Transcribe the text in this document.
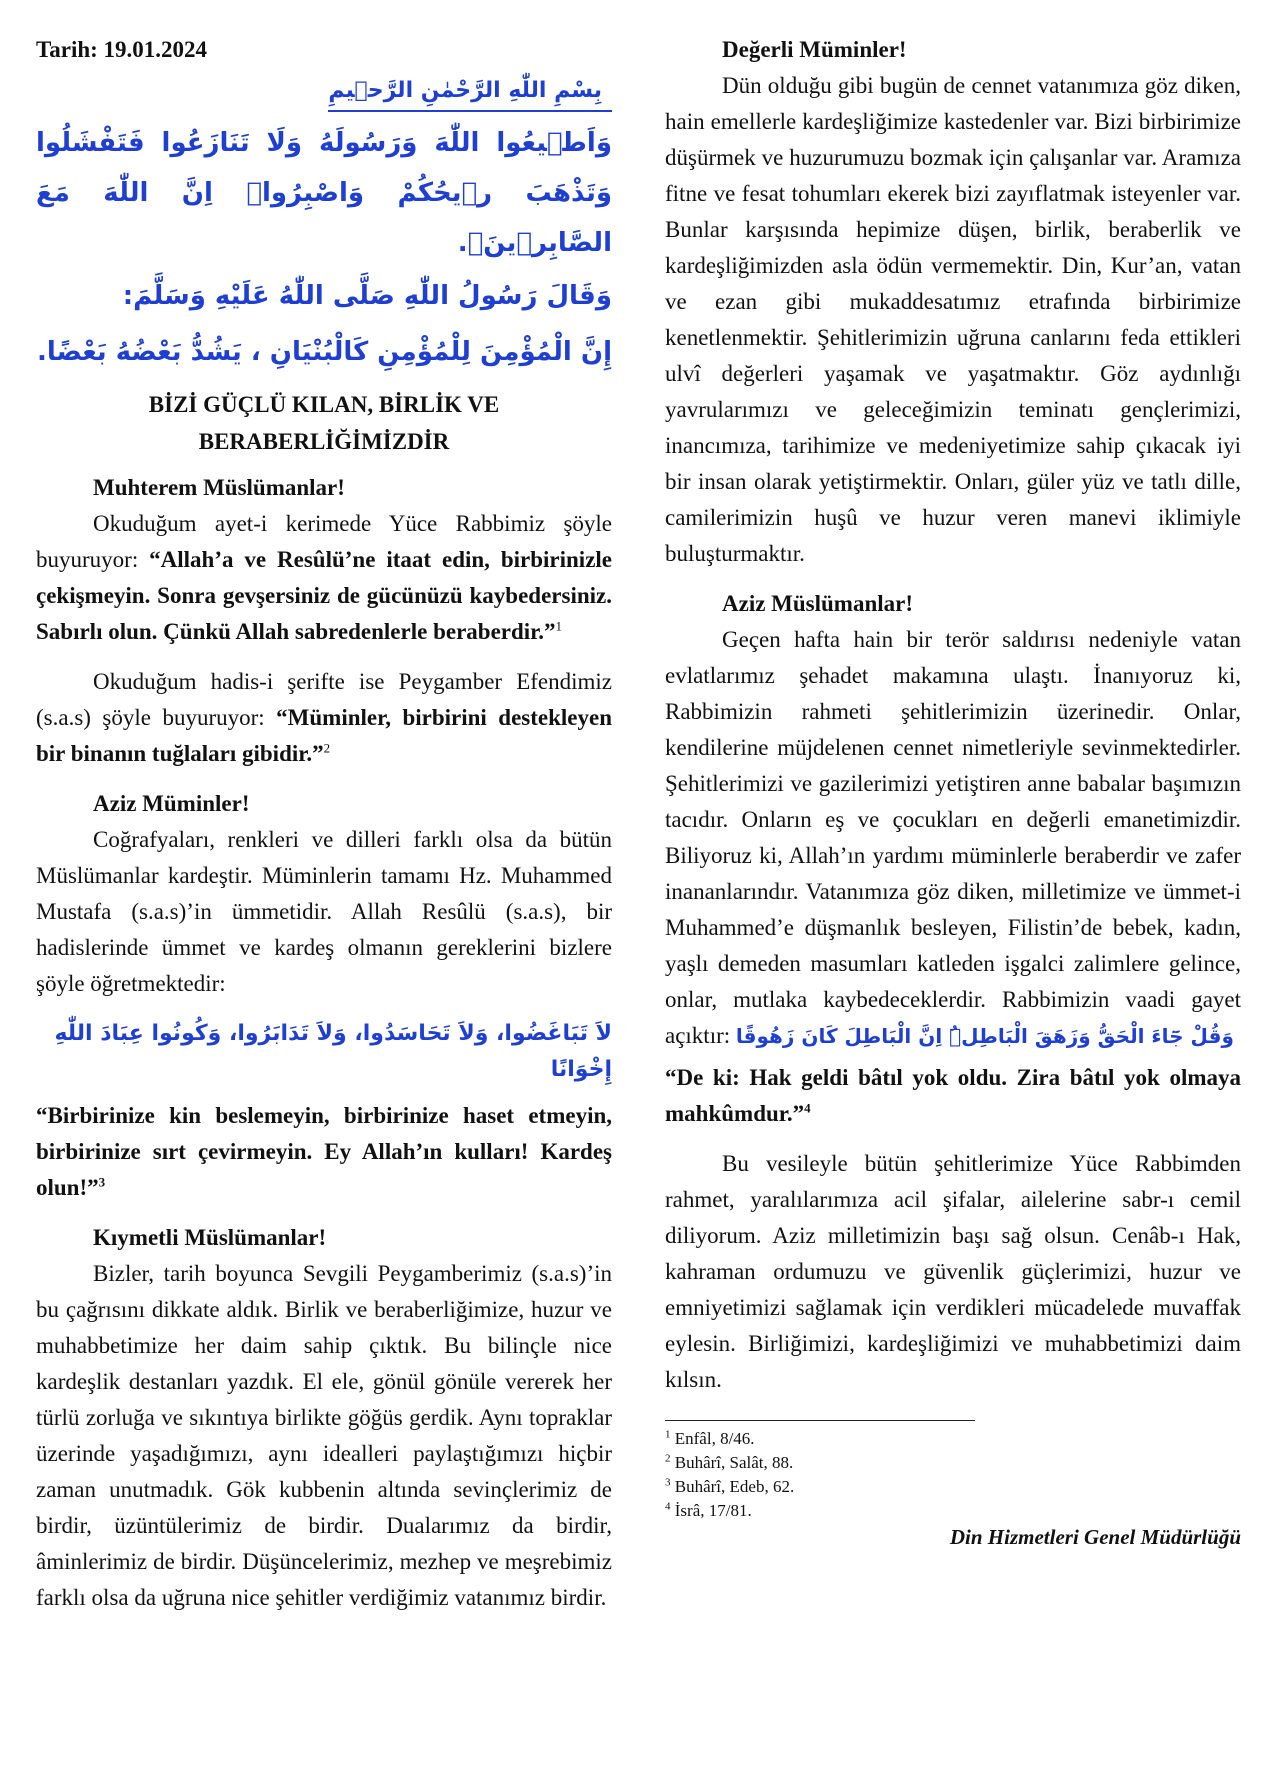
Tarih: 19.01.2024

بِسْمِ اللّٰهِ الرَّحْمٰنِ الرَّح۪يمِ

وَاَط۪يعُوا اللّٰهَ وَرَسُولَهُ وَلَا تَنَازَعُوا فَتَفْشَلُوا وَتَذْهَبَ ر۪يحُكُمْ وَاصْبِرُواۜ اِنَّ اللّٰهَ مَعَ الصَّابِر۪ينَۚ.

وَقَالَ رَسُولُ اللّٰهِ صَلَّى اللّٰهُ عَلَيْهِ وَسَلَّمَ:

إِنَّ الْمُؤْمِنَ لِلْمُؤْمِنِ كَالْبُنْيَانِ ، يَشُدُّ بَعْضُهُ بَعْضًا.

BİZİ GÜÇLÜ KILAN, BİRLİK VE
BERABERLİĞİMİZDİR

Muhterem Müslümanlar!

Okuduğum ayet-i kerimede Yüce Rabbimiz şöyle buyuruyor: “Allah’a ve Resûlü’ne itaat edin, birbirinizle çekişmeyin. Sonra gevşersiniz de gücünüzü kaybedersiniz. Sabırlı olun. Çünkü Allah sabredenlerle beraberdir.”$^1$

Okuduğum hadis-i şerifte ise Peygamber Efendimiz (s.a.s) şöyle buyuruyor: “Müminler, birbirini destekleyen bir binanın tuğlaları gibidir.”$^2$

Aziz Müminler!

Coğrafyaları, renkleri ve dilleri farklı olsa da bütün Müslümanlar kardeştir. Müminlerin tamamı Hz. Muhammed Mustafa (s.a.s)’in ümmetidir. Allah Resûlü (s.a.s), bir hadislerinde ümmet ve kardeş olmanın gereklerini bizlere şöyle öğretmektedir:

لاَ تَبَاغَضُوا، وَلاَ تَحَاسَدُوا، وَلاَ تَدَابَرُوا، وَكُونُوا عِبَادَ اللّٰهِ إِخْوَانًا

“Birbirinize kin beslemeyin, birbirinize haset etmeyin, birbirinize sırt çevirmeyin. Ey Allah’ın kulları! Kardeş olun!”$^3$

Kıymetli Müslümanlar!

Bizler, tarih boyunca Sevgili Peygamberimiz (s.a.s)’in bu çağrısını dikkate aldık. Birlik ve beraberliğimize, huzur ve muhabbetimize her daim sahip çıktık. Bu bilinçle nice kardeşlik destanları yazdık. El ele, gönül gönüle vererek her türlü zorluğa ve sıkıntıya birlikte göğüs gerdik. Aynı topraklar üzerinde yaşadığımızı, aynı idealleri paylaştığımızı hiçbir zaman unutmadık. Gök kubbenin altında sevinçlerimiz de birdir, üzüntülerimiz de birdir. Dualarımız da birdir, âminlerimiz de birdir. Düşüncelerimiz, mezhep ve meşrebimiz farklı olsa da uğruna nice şehitler verdiğimiz vatanımız birdir.

Değerli Müminler!

Dün olduğu gibi bugün de cennet vatanımıza göz diken, hain emellerle kardeşliğimize kastedenler var. Bizi birbirimize düşürmek ve huzurumuzu bozmak için çalışanlar var. Aramıza fitne ve fesat tohumları ekerek bizi zayıflatmak isteyenler var. Bunlar karşısında hepimize düşen, birlik, beraberlik ve kardeşliğimizden asla ödün vermemektir. Din, Kur’an, vatan ve ezan gibi mukaddesatımız etrafında birbirimize kenetlenmektir. Şehitlerimizin uğruna canlarını feda ettikleri ulvî değerleri yaşamak ve yaşatmaktır. Göz aydınlığı yavrularımızı ve geleceğimizin teminatı gençlerimizi, inancımıza, tarihimize ve medeniyetimize sahip çıkacak iyi bir insan olarak yetiştirmektir. Onları, güler yüz ve tatlı dille, camilerimizin huşû ve huzur veren manevi iklimiyle buluşturmaktır.

Aziz Müslümanlar!

Geçen hafta hain bir terör saldırısı nedeniyle vatan evlatlarımız şehadet makamına ulaştı. İnanıyoruz ki, Rabbimizin rahmeti şehitlerimizin üzerinedir. Onlar, kendilerine müjdelenen cennet nimetleriyle sevinmektedirler. Şehitlerimizi ve gazilerimizi yetiştiren anne babalar başımızın tacıdır. Onların eş ve çocukları en değerli emanetimizdir. Biliyoruz ki, Allah’ın yardımı müminlerle beraberdir ve zafer inananlarındır. Vatanımıza göz diken, milletimize ve ümmet-i Muhammed’e düşmanlık besleyen, Filistin’de bebek, kadın, yaşlı demeden masumları katleden işgalci zalimlere gelince, onlar, mutlaka kaybedeceklerdir. Rabbimizin vaadi gayet açıktır: وَقُلْ جَٓاءَ الْحَقُّ وَزَهَقَ الْبَاطِلُۜ اِنَّ الْبَاطِلَ كَانَ زَهُوقًا

“De ki: Hak geldi bâtıl yok oldu. Zira bâtıl yok olmaya mahkûmdur.”$^4$

Bu vesileyle bütün şehitlerimize Yüce Rabbimden rahmet, yaralılarımıza acil şifalar, ailelerine sabr-ı cemil diliyorum. Aziz milletimizin başı sağ olsun. Cenâb-ı Hak, kahraman ordumuzu ve güvenlik güçlerimizi, huzur ve emniyetimizi sağlamak için verdikleri mücadelede muvaffak eylesin. Birliğimizi, kardeşliğimizi ve muhabbetimizi daim kılsın.

$^1$ Enfâl, 8/46.

$^2$ Buhârî, Salât, 88.

$^3$ Buhârî, Edeb, 62.

$^4$ İsrâ, 17/81.

Din Hizmetleri Genel Müdürlüğü
